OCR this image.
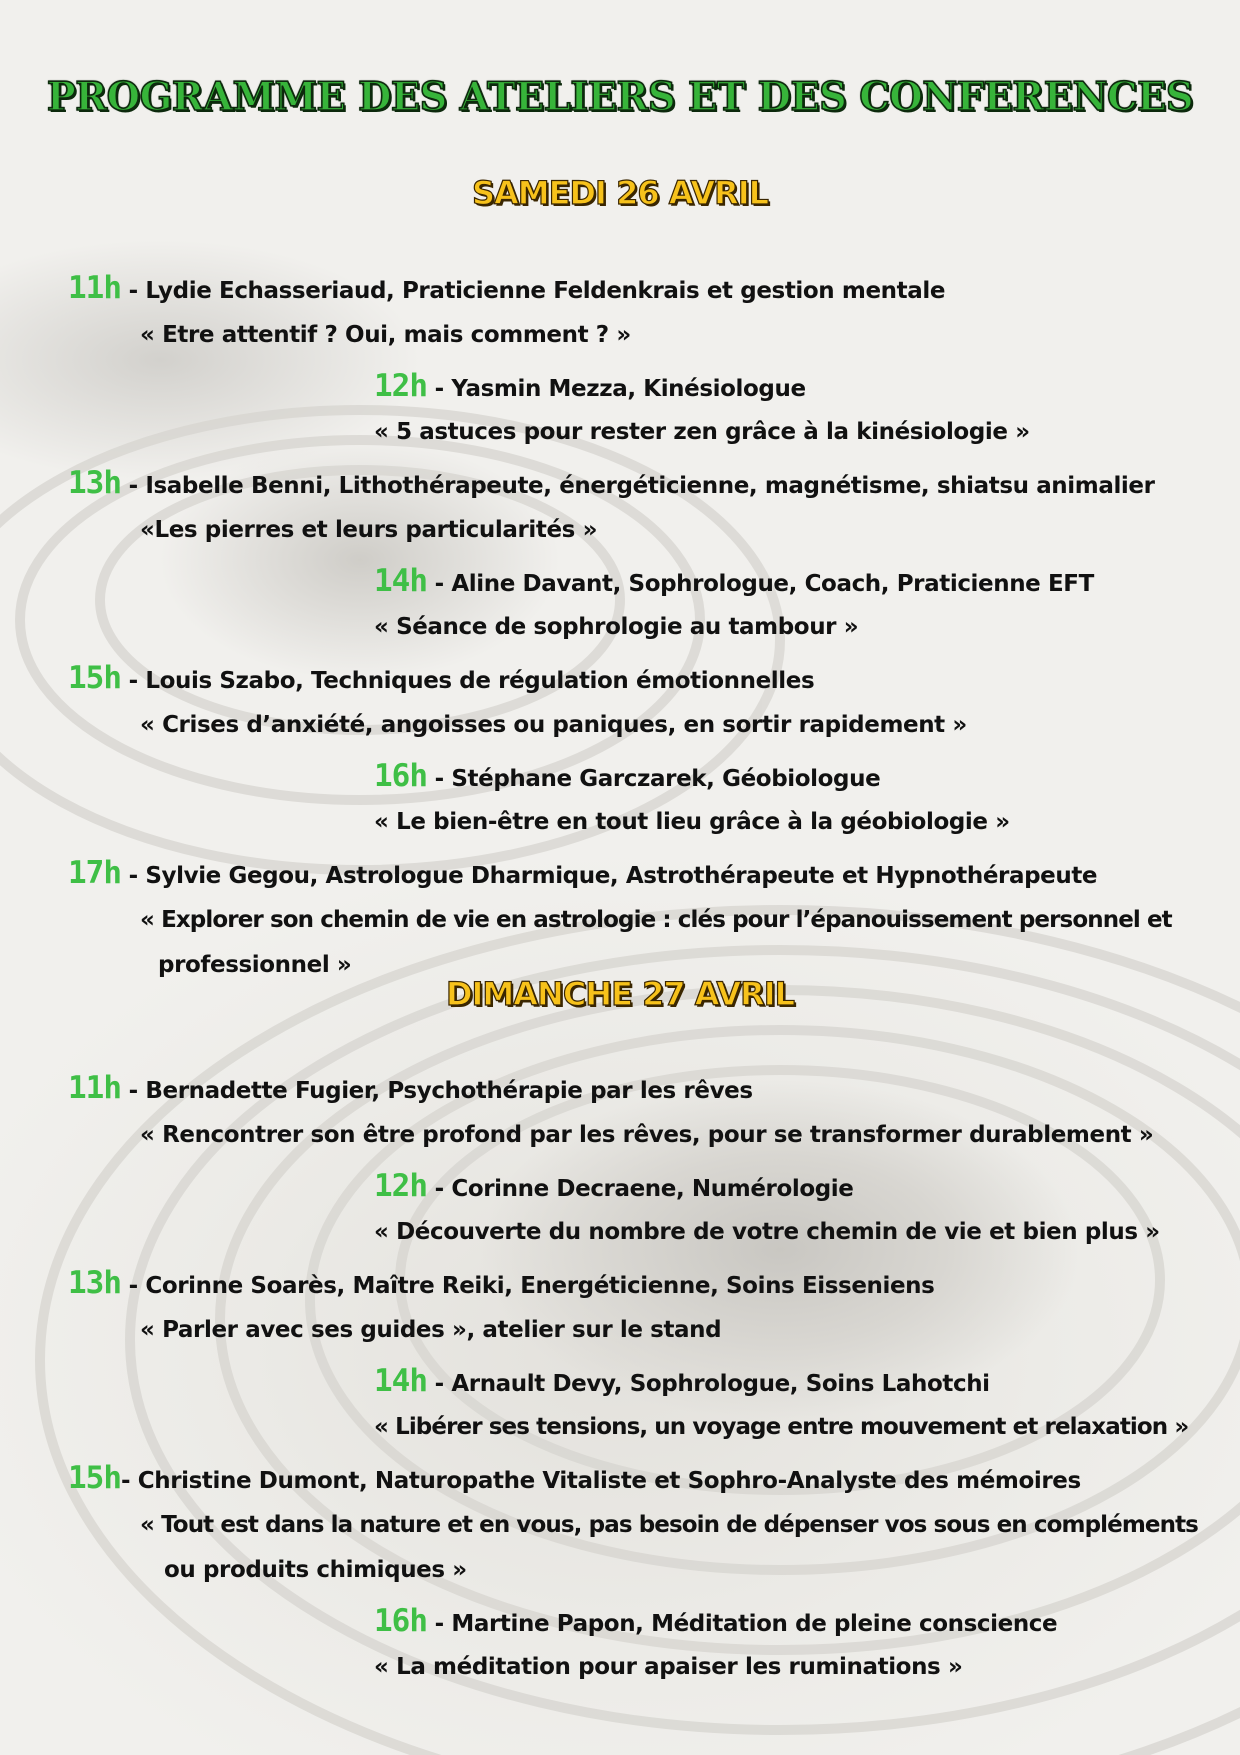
PROGRAMME DES ATELIERS ET DES CONFERENCES
SAMEDI 26 AVRIL
11h - Lydie Echasseriaud, Praticienne Feldenkrais et gestion mentale
« Etre attentif ? Oui, mais comment ? »
12h - Yasmin Mezza, Kinésiologue
« 5 astuces pour rester zen grâce à la kinésiologie »
13h - Isabelle Benni, Lithothérapeute, énergéticienne, magnétisme, shiatsu animalier
«Les pierres et leurs particularités »
14h - Aline Davant, Sophrologue, Coach, Praticienne EFT
« Séance de sophrologie au tambour »
15h - Louis Szabo, Techniques de régulation émotionnelles
« Crises d’anxiété, angoisses ou paniques, en sortir rapidement »
16h - Stéphane Garczarek, Géobiologue
« Le bien-être en tout lieu grâce à la géobiologie »
17h - Sylvie Gegou, Astrologue Dharmique, Astrothérapeute et Hypnothérapeute
« Explorer son chemin de vie en astrologie : clés pour l’épanouissement personnel et
professionnel »
DIMANCHE 27 AVRIL
11h - Bernadette Fugier, Psychothérapie par les rêves
« Rencontrer son être profond par les rêves, pour se transformer durablement »
12h - Corinne Decraene, Numérologie
« Découverte du nombre de votre chemin de vie et bien plus »
13h - Corinne Soarès, Maître Reiki, Energéticienne, Soins Eisseniens
« Parler avec ses guides », atelier sur le stand
14h - Arnault Devy, Sophrologue, Soins Lahotchi
« Libérer ses tensions, un voyage entre mouvement et relaxation »
15h- Christine Dumont, Naturopathe Vitaliste et Sophro-Analyste des mémoires
« Tout est dans la nature et en vous, pas besoin de dépenser vos sous en compléments
ou produits chimiques »
16h - Martine Papon, Méditation de pleine conscience
« La méditation pour apaiser les ruminations »
